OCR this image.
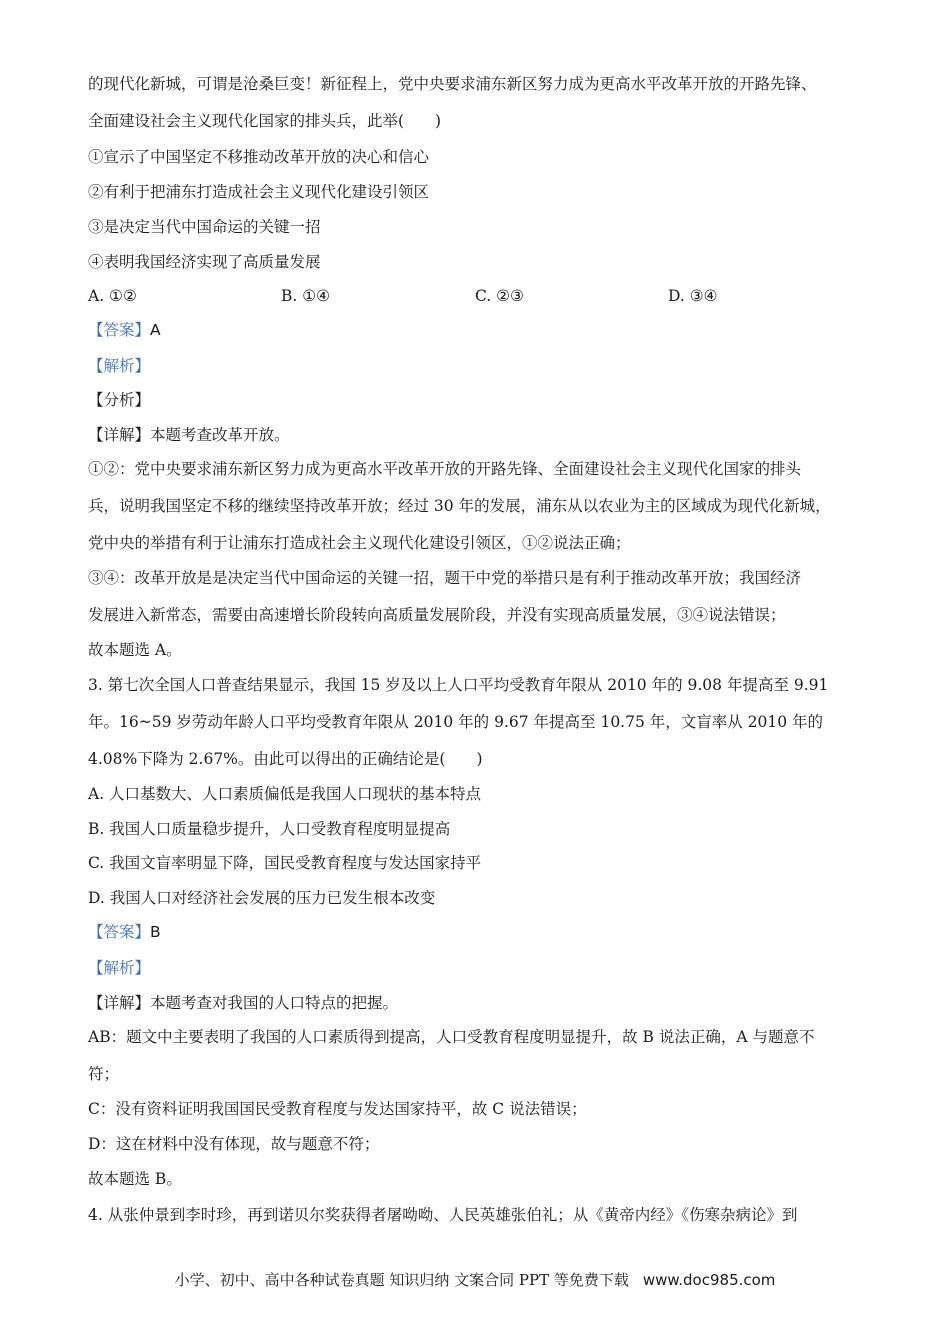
的现代化新城，可谓是沧桑巨变！新征程上，党中央要求浦东新区努力成为更高水平改革开放的开路先锋、
全面建设社会主义现代化国家的排头兵，此举(　　)
①宣示了中国坚定不移推动改革开放的决心和信心
②有利于把浦东打造成社会主义现代化建设引领区
③是决定当代中国命运的关键一招
④表明我国经济实现了高质量发展
A. ①②	B. ①④	C. ②③	D. ③④
【答案】A
【解析】
【分析】
【详解】本题考查改革开放。
①②：党中央要求浦东新区努力成为更高水平改革开放的开路先锋、全面建设社会主义现代化国家的排头
兵，说明我国坚定不移的继续坚持改革开放；经过 30 年的发展，浦东从以农业为主的区域成为现代化新城，
党中央的举措有利于让浦东打造成社会主义现代化建设引领区，①②说法正确；
③④：改革开放是是决定当代中国命运的关键一招，题干中党的举措只是有利于推动改革开放；我国经济
发展进入新常态，需要由高速增长阶段转向高质量发展阶段，并没有实现高质量发展，③④说法错误；
故本题选 A。
3. 第七次全国人口普查结果显示，我国 15 岁及以上人口平均受教育年限从 2010 年的 9.08 年提高至 9.91
年。16~59 岁劳动年龄人口平均受教育年限从 2010 年的 9.67 年提高至 10.75 年，文盲率从 2010 年的
4.08%下降为 2.67%。由此可以得出的正确结论是(　　)
A. 人口基数大、人口素质偏低是我国人口现状的基本特点
B. 我国人口质量稳步提升，人口受教育程度明显提高
C. 我国文盲率明显下降，国民受教育程度与发达国家持平
D. 我国人口对经济社会发展的压力已发生根本改变
【答案】B
【解析】
【详解】本题考查对我国的人口特点的把握。
AB：题文中主要表明了我国的人口素质得到提高，人口受教育程度明显提升，故 B 说法正确，A 与题意不
符；
C：没有资料证明我国国民受教育程度与发达国家持平，故 C 说法错误；
D：这在材料中没有体现，故与题意不符；
故本题选 B。
4. 从张仲景到李时珍，再到诺贝尔奖获得者屠呦呦、人民英雄张伯礼；从《黄帝内经》《伤寒杂病论》到
小学、初中、高中各种试卷真题 知识归纳 文案合同 PPT 等免费下载 www.doc985.com
